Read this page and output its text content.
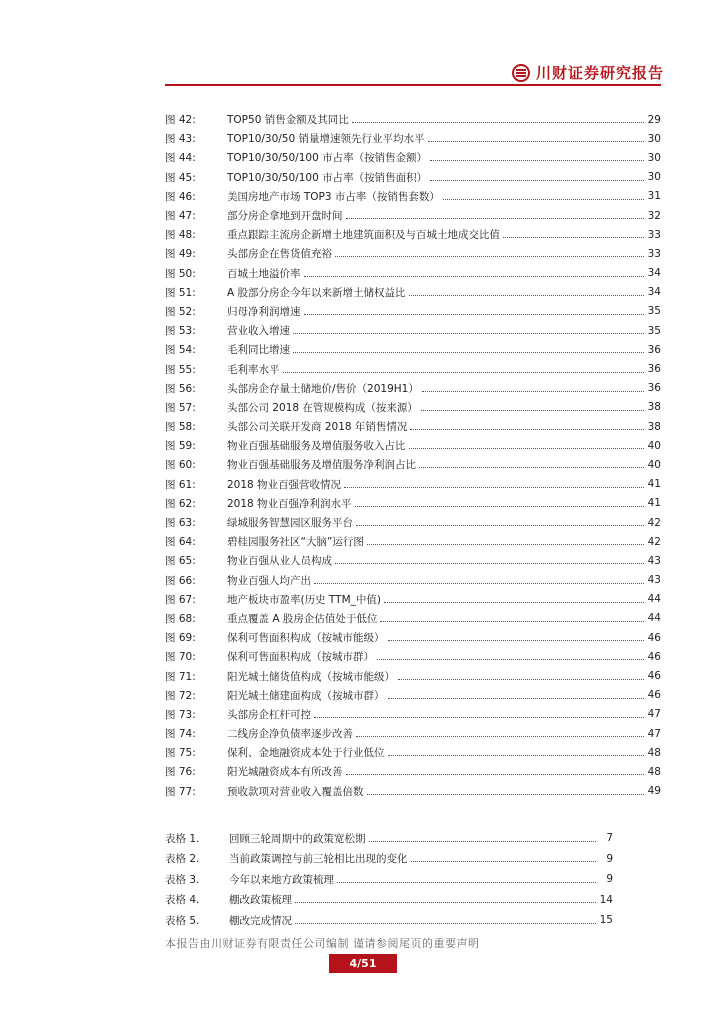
川财证券研究报告
图 42:	TOP50 销售金额及其同比	29
图 43:	TOP10/30/50 销量增速领先行业平均水平	30
图 44:	TOP10/30/50/100 市占率（按销售金额）	30
图 45:	TOP10/30/50/100 市占率（按销售面积）	30
图 46:	美国房地产市场 TOP3 市占率（按销售套数）	31
图 47:	部分房企拿地到开盘时间	32
图 48:	重点跟踪主流房企新增土地建筑面积及与百城土地成交比值	33
图 49:	头部房企在售货值充裕	33
图 50:	百城土地溢价率	34
图 51:	A 股部分房企今年以来新增土储权益比	34
图 52:	归母净利润增速	35
图 53:	营业收入增速	35
图 54:	毛利同比增速	36
图 55:	毛利率水平	36
图 56:	头部房企存量土储地价/售价（2019H1）	36
图 57:	头部公司 2018 在管规模构成（按来源）	38
图 58:	头部公司关联开发商 2018 年销售情况	38
图 59:	物业百强基础服务及增值服务收入占比	40
图 60:	物业百强基础服务及增值服务净利润占比	40
图 61:	2018 物业百强营收情况	41
图 62:	2018 物业百强净利润水平	41
图 63:	绿城服务智慧园区服务平台	42
图 64:	碧桂园服务社区“大脑”运行图	42
图 65:	物业百强从业人员构成	43
图 66:	物业百强人均产出	43
图 67:	地产板块市盈率(历史 TTM_中值)	44
图 68:	重点覆盖 A 股房企估值处于低位	44
图 69:	保利可售面积构成（按城市能级）	46
图 70:	保利可售面积构成（按城市群）	46
图 71:	阳光城土储货值构成（按城市能级）	46
图 72:	阳光城土储建面构成（按城市群）	46
图 73:	头部房企杠杆可控	47
图 74:	二线房企净负债率逐步改善	47
图 75:	保利、金地融资成本处于行业低位	48
图 76:	阳光城融资成本有所改善	48
图 77:	预收款项对营业收入覆盖倍数	49
表格 1.	回顾三轮周期中的政策宽松期	7
表格 2.	当前政策调控与前三轮相比出现的变化	9
表格 3.	今年以来地方政策梳理	9
表格 4.	棚改政策梳理	14
表格 5.	棚改完成情况	15
本报告由川财证券有限责任公司编制 谨请参阅尾页的重要声明
4/51
